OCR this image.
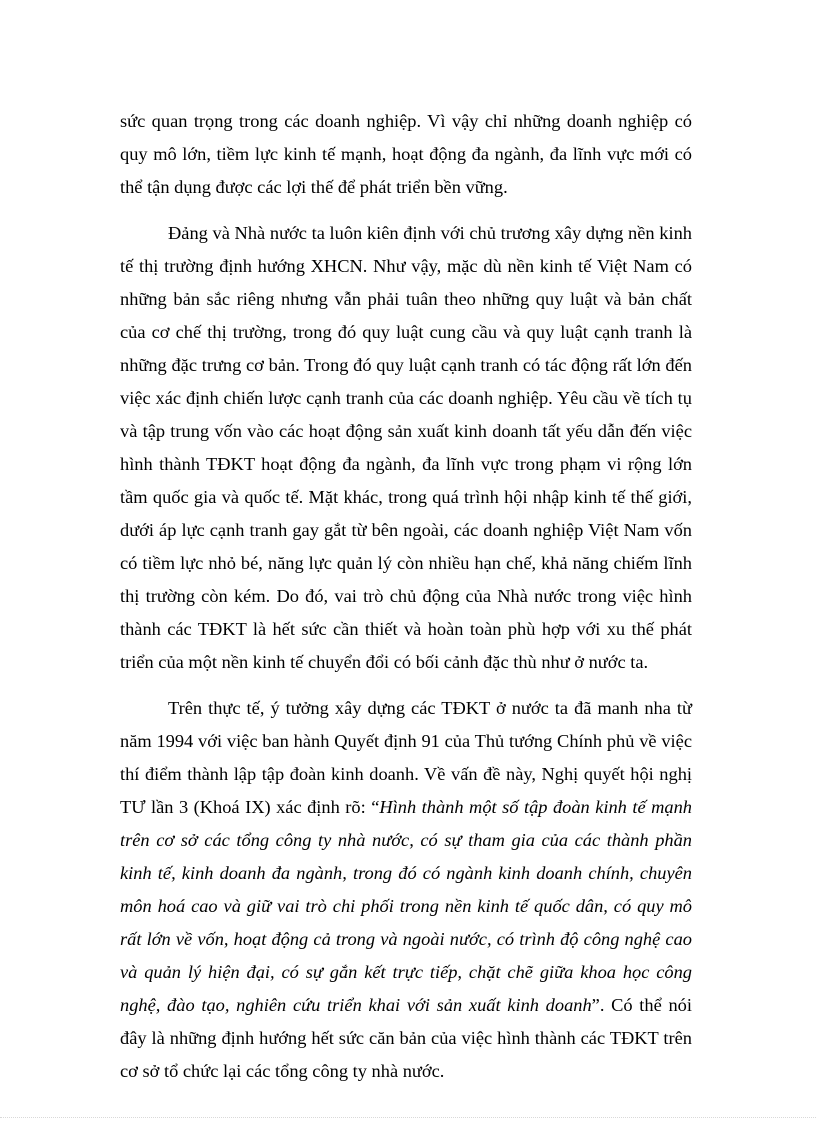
sức quan trọng trong các doanh nghiệp. Vì vậy chỉ những doanh nghiệp có quy mô lớn, tiềm lực kinh tế mạnh, hoạt động đa ngành, đa lĩnh vực mới có thể tận dụng được các lợi thế để phát triển bền vững.

Đảng và Nhà nước ta luôn kiên định với chủ trương xây dựng nền kinh tế thị trường định hướng XHCN. Như vậy, mặc dù nền kinh tế Việt Nam có những bản sắc riêng nhưng vẫn phải tuân theo những quy luật và bản chất của cơ chế thị trường, trong đó quy luật cung cầu và quy luật cạnh tranh là những đặc trưng cơ bản. Trong đó quy luật cạnh tranh có tác động rất lớn đến việc xác định chiến lược cạnh tranh của các doanh nghiệp. Yêu cầu về tích tụ và tập trung vốn vào các hoạt động sản xuất kinh doanh tất yếu dẫn đến việc hình thành TĐKT hoạt động đa ngành, đa lĩnh vực trong phạm vi rộng lớn tầm quốc gia và quốc tế. Mặt khác, trong quá trình hội nhập kinh tế thế giới, dưới áp lực cạnh tranh gay gắt từ bên ngoài, các doanh nghiệp Việt Nam vốn có tiềm lực nhỏ bé, năng lực quản lý còn nhiều hạn chế, khả năng chiếm lĩnh thị trường còn kém. Do đó, vai trò chủ động của Nhà nước trong việc hình thành các TĐKT là hết sức cần thiết và hoàn toàn phù hợp với xu thế phát triển của một nền kinh tế chuyển đổi có bối cảnh đặc thù như ở nước ta.

Trên thực tế, ý tưởng xây dựng các TĐKT ở nước ta đã manh nha từ năm 1994 với việc ban hành Quyết định 91 của Thủ tướng Chính phủ về việc thí điểm thành lập tập đoàn kinh doanh. Về vấn đề này, Nghị quyết hội nghị TƯ lần 3 (Khoá IX) xác định rõ: “Hình thành một số tập đoàn kinh tế mạnh trên cơ sở các tổng công ty nhà nước, có sự tham gia của các thành phần kinh tế, kinh doanh đa ngành, trong đó có ngành kinh doanh chính, chuyên môn hoá cao và giữ vai trò chi phối trong nền kinh tế quốc dân, có quy mô rất lớn về vốn, hoạt động cả trong và ngoài nước, có trình độ công nghệ cao và quản lý hiện đại, có sự gắn kết trực tiếp, chặt chẽ giữa khoa học công nghệ, đào tạo, nghiên cứu triển khai với sản xuất kinh doanh”. Có thể nói đây là những định hướng hết sức căn bản của việc hình thành các TĐKT trên cơ sở tổ chức lại các tổng công ty nhà nước.
